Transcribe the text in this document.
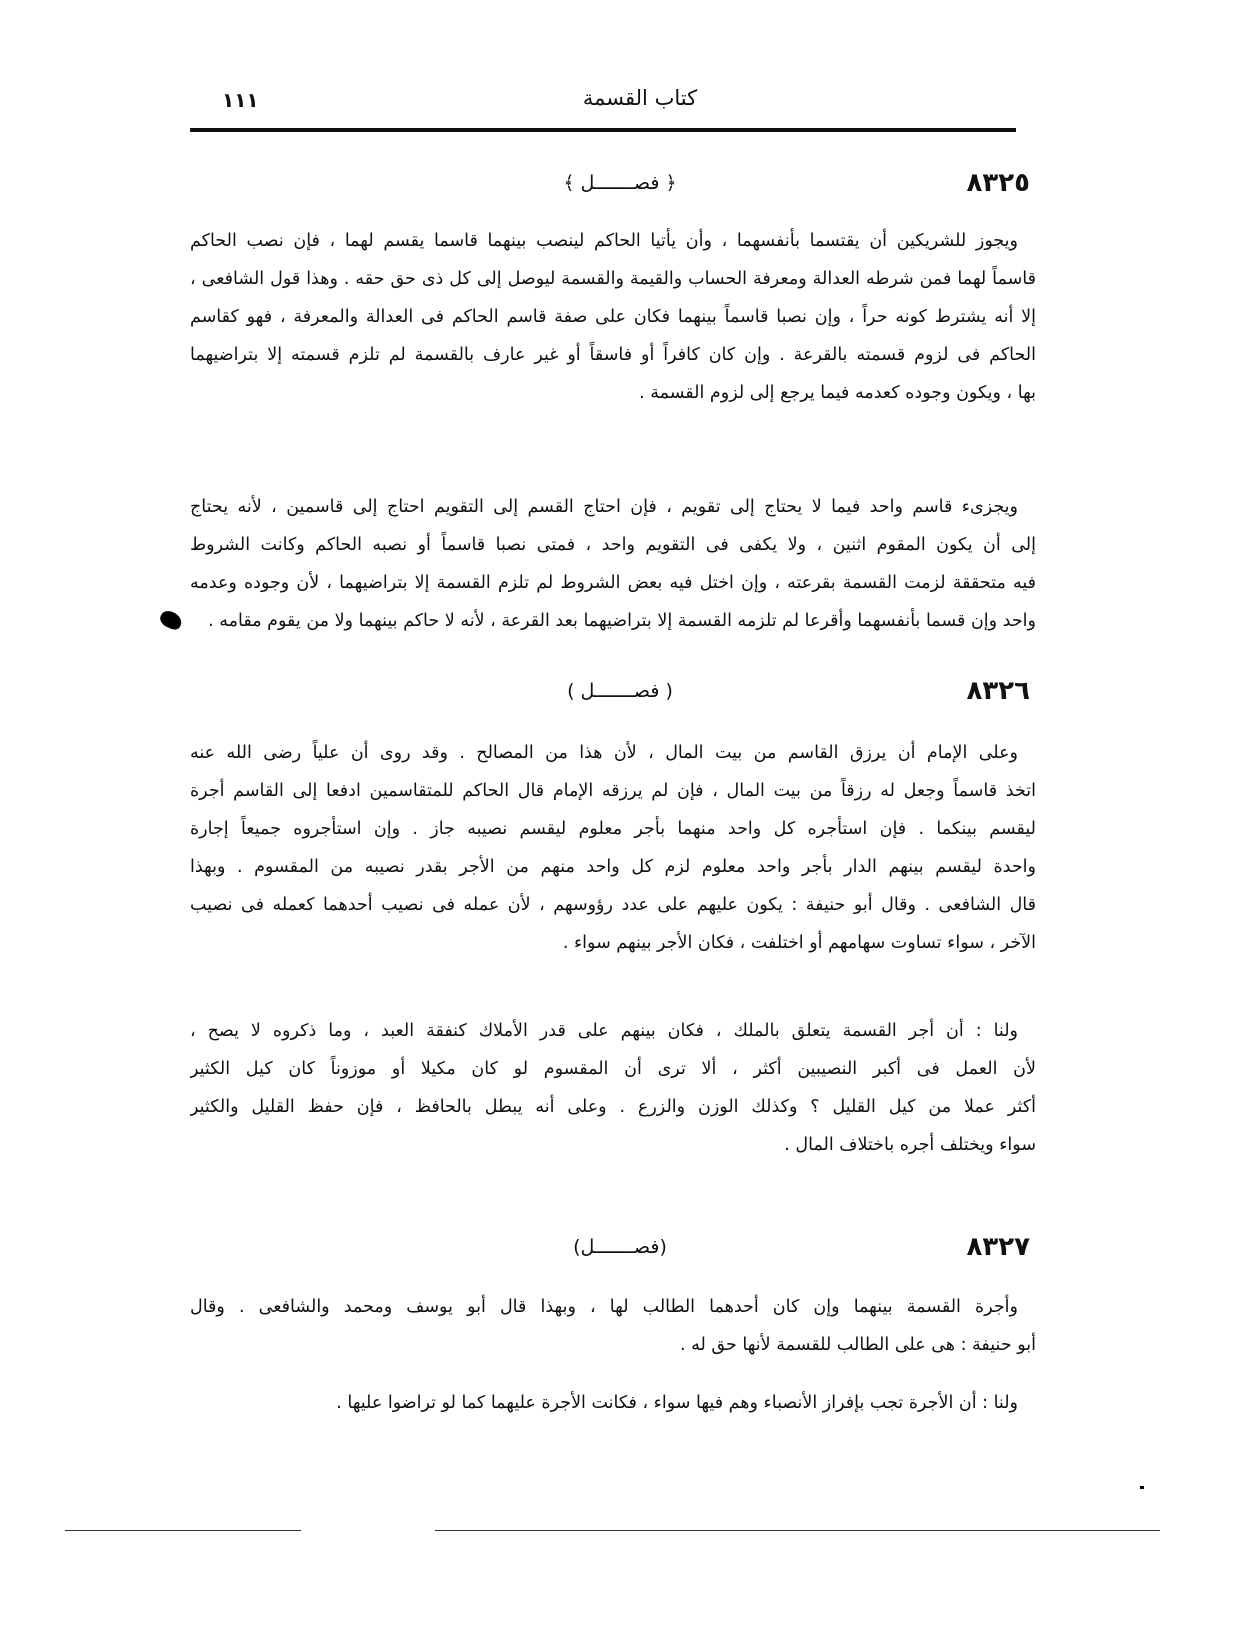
كتاب القسمة
١١١
٨٣٢٥
﴿ فصـــــــل ﴾
ويجوز للشريكين أن يقتسما بأنفسهما ، وأن يأتيا الحاكم لينصب بينهما قاسما يقسم لهما ، فإن نصب الحاكم
قاسماً لهما فمن شرطه العدالة ومعرفة الحساب والقيمة والقسمة ليوصل إلى كل ذى حق حقه . وهذا قول الشافعى ،
إلا أنه يشترط كونه حراً ، وإن نصبا قاسماً بينهما فكان على صفة قاسم الحاكم فى العدالة والمعرفة ، فهو كقاسم
الحاكم فى لزوم قسمته بالقرعة . وإن كان كافراً أو فاسقاً أو غير عارف بالقسمة لم تلزم قسمته إلا بتراضيهما
بها ، ويكون وجوده كعدمه فيما يرجع إلى لزوم القسمة .
ويجزىء قاسم واحد فيما لا يحتاج إلى تقويم ، فإن احتاج القسم إلى التقويم احتاج إلى قاسمين ، لأنه يحتاج
إلى أن يكون المقوم اثنين ، ولا يكفى فى التقويم واحد ، فمتى نصبا قاسماً أو نصبه الحاكم وكانت الشروط
فيه متحققة لزمت القسمة بقرعته ، وإن اختل فيه بعض الشروط لم تلزم القسمة إلا بتراضيهما ، لأن وجوده وعدمه
واحد وإن قسما بأنفسهما وأقرعا لم تلزمه القسمة إلا بتراضيهما بعد القرعة ، لأنه لا حاكم بينهما ولا من يقوم مقامه .
٨٣٢٦
( فصـــــــل )
وعلى الإمام أن يرزق القاسم من بيت المال ، لأن هذا من المصالح . وقد روى أن علياً رضى الله عنه
اتخذ قاسماً وجعل له رزقاً من بيت المال ، فإن لم يرزقه الإمام قال الحاكم للمتقاسمين ادفعا إلى القاسم أجرة
ليقسم بينكما . فإن استأجره كل واحد منهما بأجر معلوم ليقسم نصيبه جاز . وإن استأجروه جميعاً إجارة
واحدة ليقسم بينهم الدار بأجر واحد معلوم لزم كل واحد منهم من الأجر بقدر نصيبه من المقسوم . وبهذا
قال الشافعى . وقال أبو حنيفة : يكون عليهم على عدد رؤوسهم ، لأن عمله فى نصيب أحدهما كعمله فى نصيب
الآخر ، سواء تساوت سهامهم أو اختلفت ، فكان الأجر بينهم سواء .
ولنا : أن أجر القسمة يتعلق بالملك ، فكان بينهم على قدر الأملاك كنفقة العبد ، وما ذكروه لا يصح ،
لأن العمل فى أكبر النصيبين أكثر ، ألا ترى أن المقسوم لو كان مكيلا أو موزوناً كان كيل الكثير
أكثر عملا من كيل القليل ؟ وكذلك الوزن والزرع . وعلى أنه يبطل بالحافظ ، فإن حفظ القليل والكثير
سواء ويختلف أجره باختلاف المال .
٨٣٢٧
(فصـــــــل)
وأجرة القسمة بينهما وإن كان أحدهما الطالب لها ، وبهذا قال أبو يوسف ومحمد والشافعى . وقال
أبو حنيفة : هى على الطالب للقسمة لأنها حق له .
ولنا : أن الأجرة تجب بإفراز الأنصباء وهم فيها سواء ، فكانت الأجرة عليهما كما لو تراضوا عليها .
